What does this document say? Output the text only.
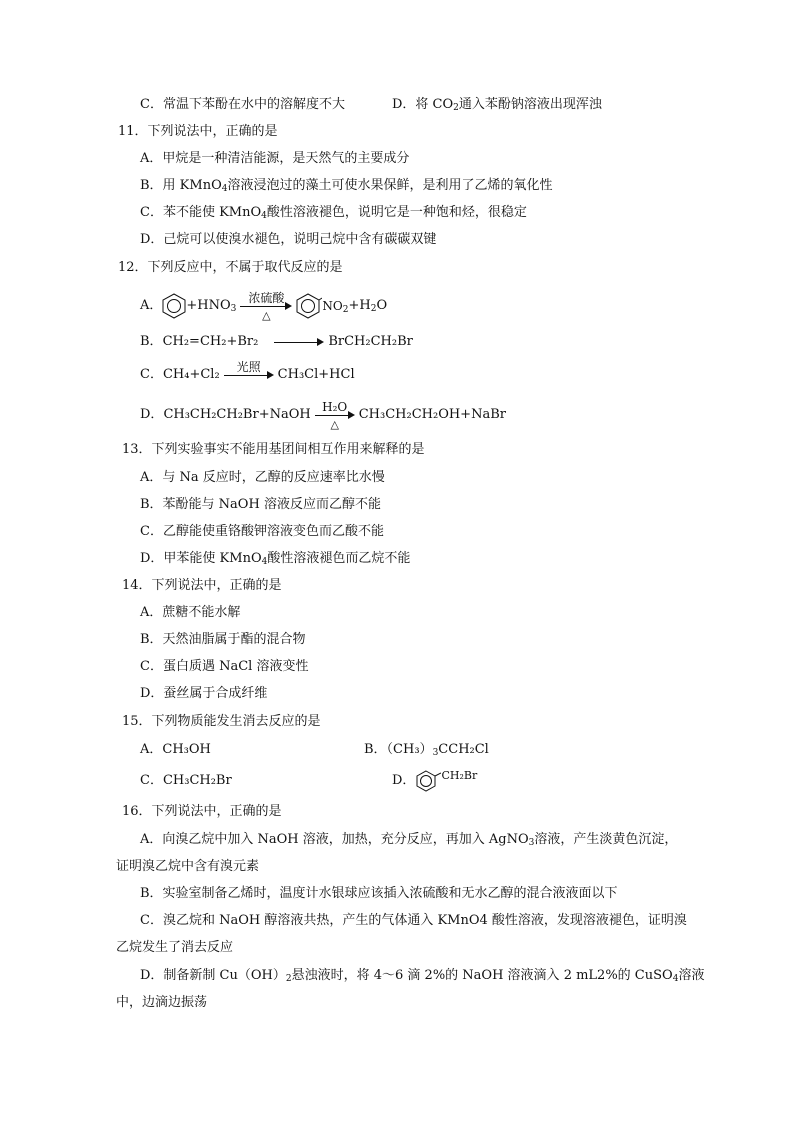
C．常温下苯酚在水中的溶解度不大	D．将 $CO_2$通入苯酚钠溶液出现浑浊
11．下列说法中，正确的是
A．甲烷是一种清洁能源，是天然气的主要成分
B．用 KMnO$_4$溶液浸泡过的藻土可使水果保鲜，是利用了乙烯的氧化性
C．苯不能使 KMnO$_4$酸性溶液褪色，说明它是一种饱和烃，很稳定
D．己烷可以使溴水褪色，说明己烷中含有碳碳双键
12．下列反应中，不属于取代反应的是
A． $+HNO_3$
浓硫酸
△
$NO_2 +H_2O$
B． CH₂=CH₂+Br₂	BrCH₂CH₂Br
C． CH₄+Cl₂	光照	CH₃Cl+HCl
D． CH₃CH₂CH₂Br+NaOH H₂O
△
CH₃CH₂CH₂OH+NaBr
13．下列实验事实不能用基团间相互作用来解释的是
A．与 Na 反应时，乙醇的反应速率比水慢
B．苯酚能与 NaOH 溶液反应而乙醇不能
C．乙醇能使重铬酸钾溶液变色而乙酸不能
D．甲苯能使 KMnO$_4$酸性溶液褪色而乙烷不能
14．下列说法中，正确的是
A．蔗糖不能水解
B．天然油脂属于酯的混合物
C．蛋白质遇 NaCl 溶液变性
D．蚕丝属于合成纤维
15．下列物质能发生消去反应的是
A．CH₃OH	B．$(CH_3)_3CCH_2Cl$
C．CH₃CH₂Br	D． CH₂Br
16．下列说法中，正确的是
A．向溴乙烷中加入 NaOH 溶液，加热，充分反应，再加入 AgNO$_3$溶液，产生淡黄色沉淀，
证明溴乙烷中含有溴元素
B．实验室制备乙烯时，温度计水银球应该插入浓硫酸和无水乙醇的混合液液面以下
C．溴乙烷和 NaOH 醇溶液共热，产生的气体通入 KMnO4 酸性溶液，发现溶液褪色，证明溴
乙烷发生了消去反应
D．制备新制 $Cu(OH)_2$悬浊液时，将 4～6 滴 2%的 NaOH 溶液滴入 2 mL2%的 CuSO$_4$溶液
中，边滴边振荡
